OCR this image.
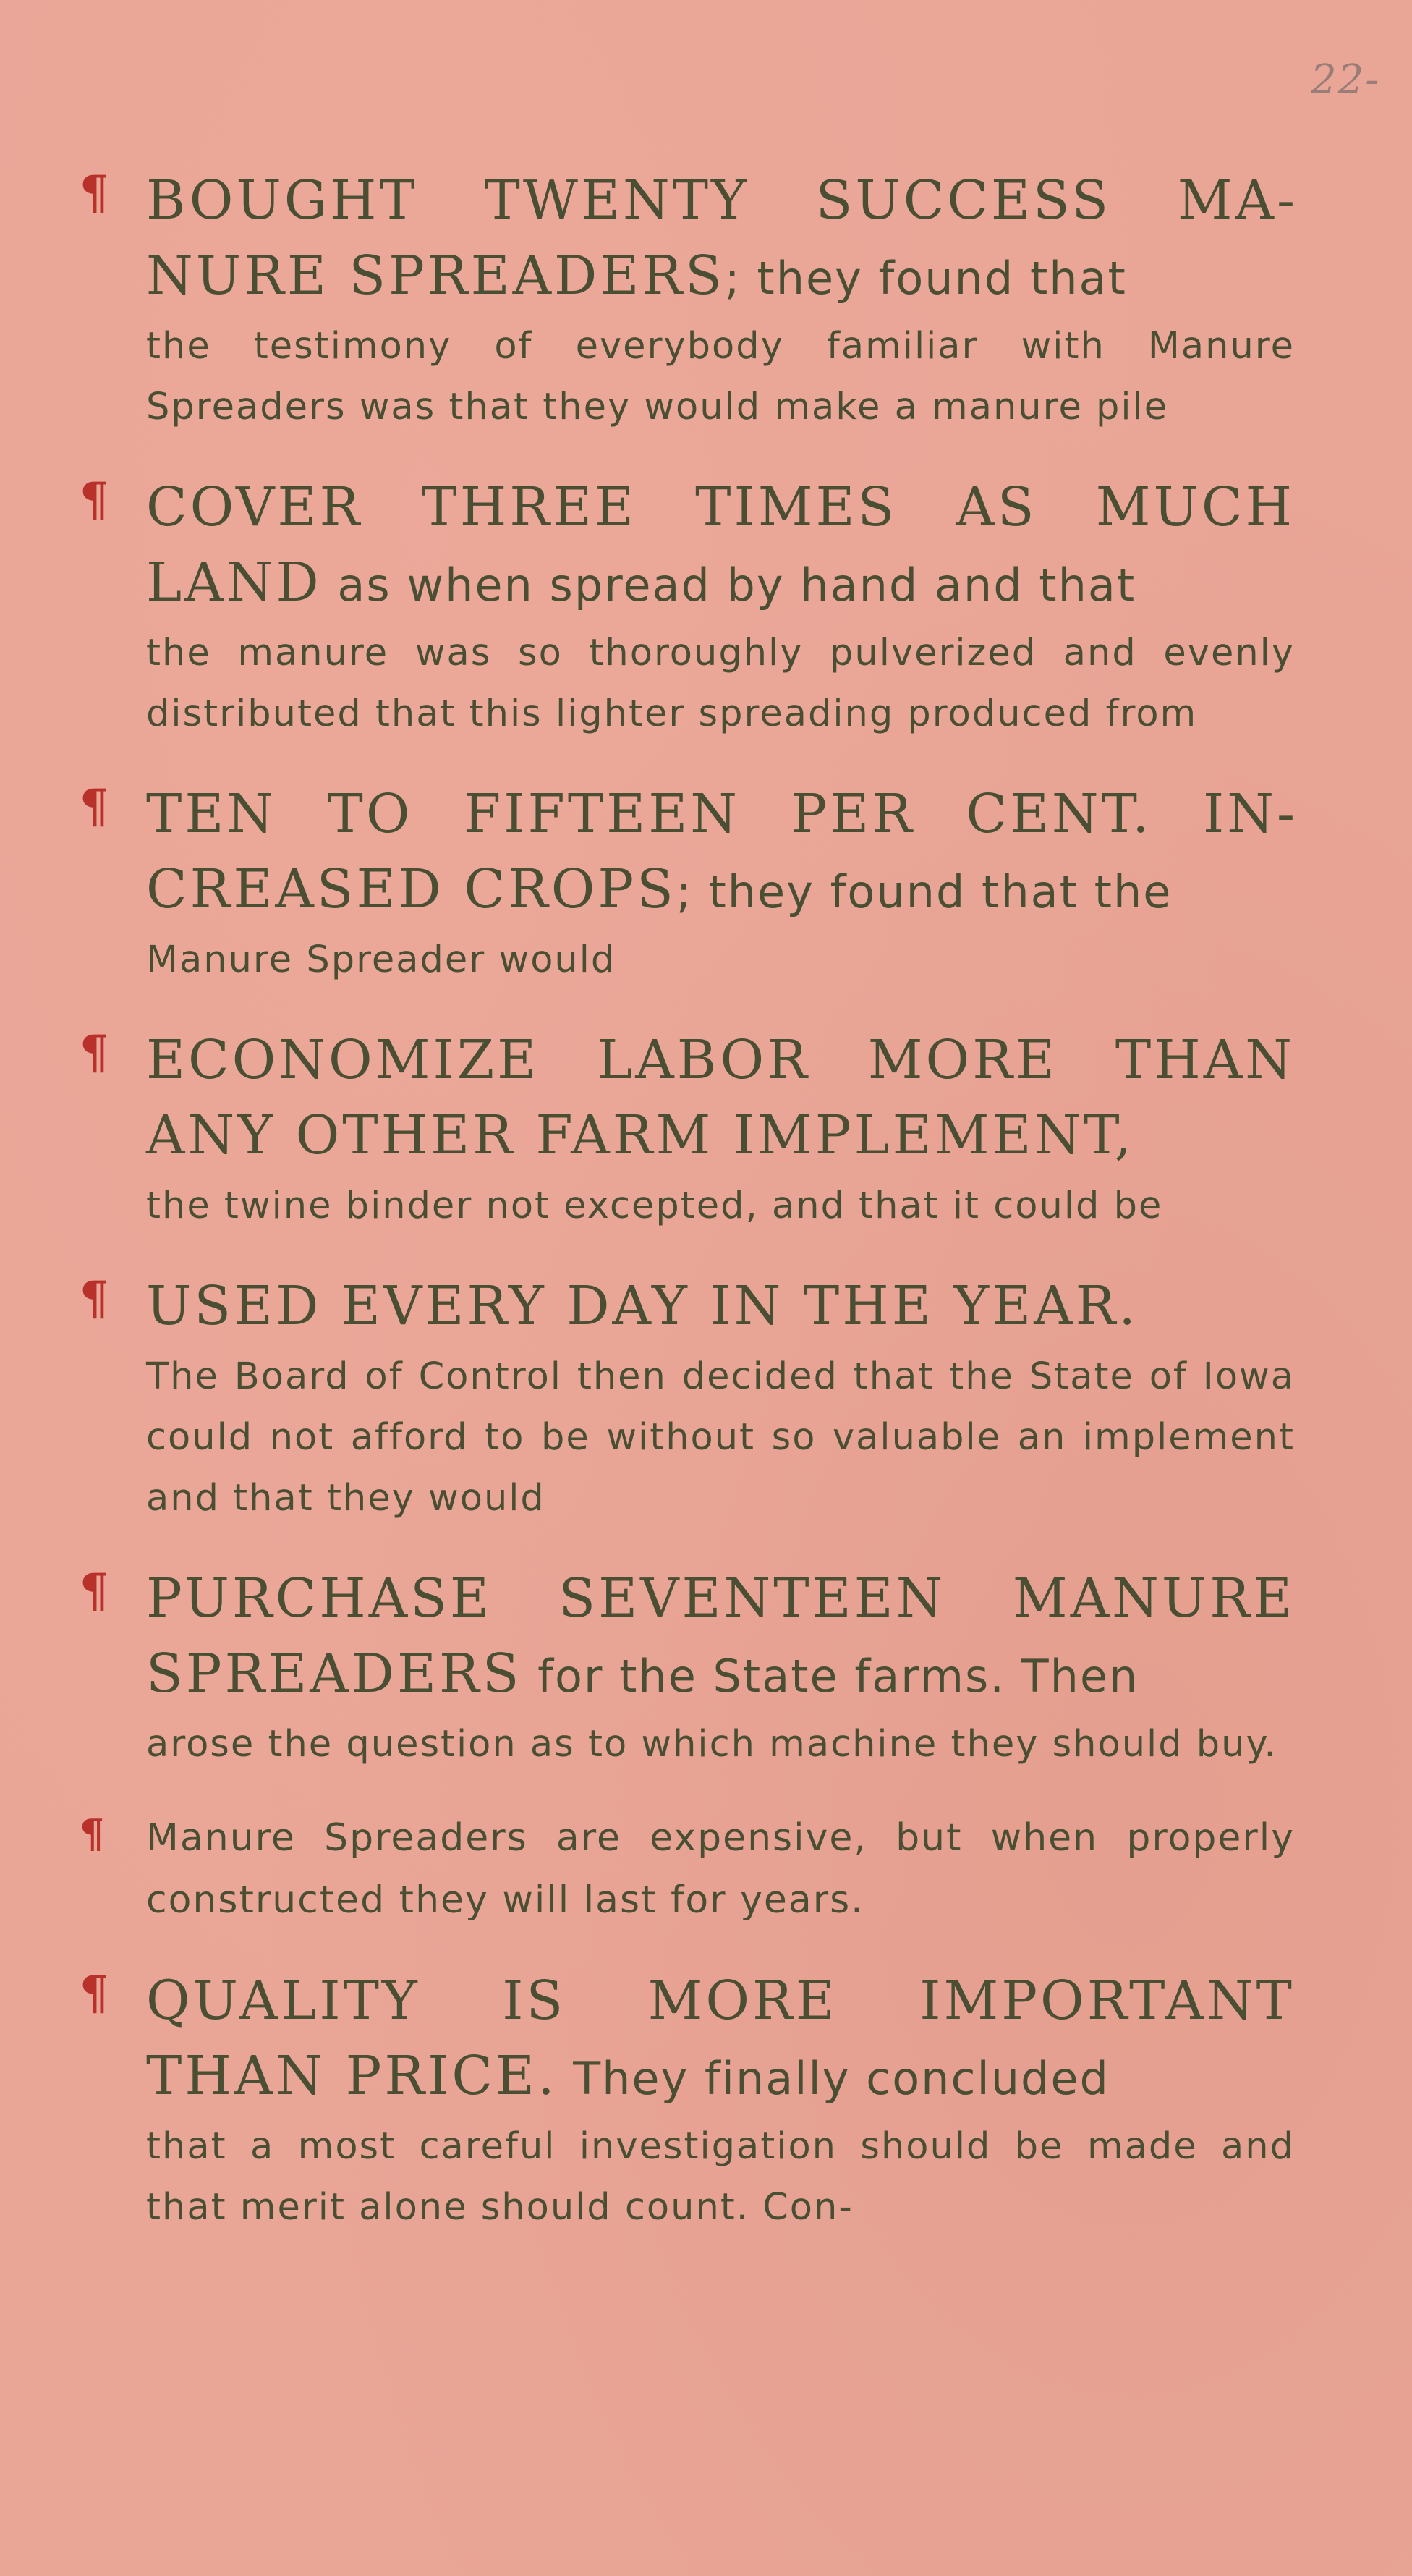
22-
¶ BOUGHT TWENTY SUCCESS MANURE SPREADERS; they found that
the testimony of everybody familiar with Manure Spreaders was that they would make a manure pile
¶ COVER THREE TIMES AS MUCH LAND as when spread by hand and that
the manure was so thoroughly pulverized and evenly distributed that this lighter spreading produced from
¶ TEN TO FIFTEEN PER CENT. INCREASED CROPS; they found that the
Manure Spreader would
¶ ECONOMIZE LABOR MORE THAN ANY OTHER FARM IMPLEMENT,
the twine binder not excepted, and that it could be
¶ USED EVERY DAY IN THE YEAR.
The Board of Control then decided that the State of Iowa could not afford to be without so valuable an implement and that they would
¶ PURCHASE SEVENTEEN MANURE SPREADERS for the State farms. Then
arose the question as to which machine they should buy.
¶ Manure Spreaders are expensive, but when properly constructed they will last for years.
¶ QUALITY IS MORE IMPORTANT THAN PRICE. They finally concluded
that a most careful investigation should be made and that merit alone should count. Con-
